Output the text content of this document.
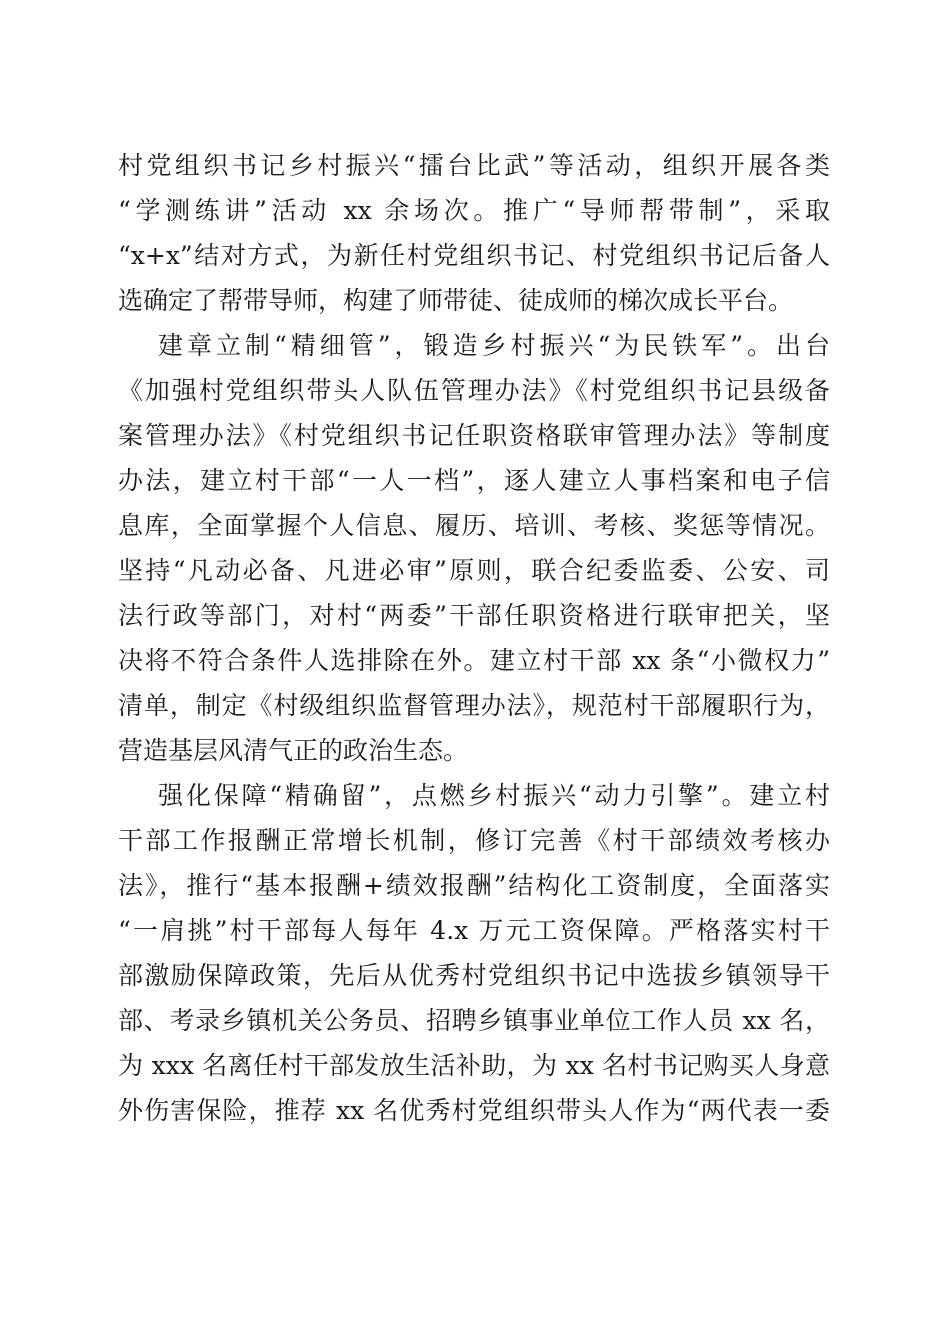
村党组织书记乡村振兴“擂台比武”等活动，组织开展各类
“学测练讲”活动 xx 余场次。推广“导师帮带制”，采取
“x+x”结对方式，为新任村党组织书记、村党组织书记后备人
选确定了帮带导师，构建了师带徒、徒成师的梯次成长平台。
建章立制“精细管”，锻造乡村振兴“为民铁军”。出台
《加强村党组织带头人队伍管理办法》《村党组织书记县级备
案管理办法》《村党组织书记任职资格联审管理办法》等制度
办法，建立村干部“一人一档”，逐人建立人事档案和电子信
息库，全面掌握个人信息、履历、培训、考核、奖惩等情况。
坚持“凡动必备、凡进必审”原则，联合纪委监委、公安、司
法行政等部门，对村“两委”干部任职资格进行联审把关，坚
决将不符合条件人选排除在外。建立村干部 xx 条“小微权力”
清单，制定《村级组织监督管理办法》，规范村干部履职行为，
营造基层风清气正的政治生态。
强化保障“精确留”，点燃乡村振兴“动力引擎”。建立村
干部工作报酬正常增长机制，修订完善《村干部绩效考核办
法》，推行“基本报酬+绩效报酬”结构化工资制度，全面落实
“一肩挑”村干部每人每年 4.x 万元工资保障。严格落实村干
部激励保障政策，先后从优秀村党组织书记中选拔乡镇领导干
部、考录乡镇机关公务员、招聘乡镇事业单位工作人员 xx 名，
为 xxx 名离任村干部发放生活补助，为 xx 名村书记购买人身意
外伤害保险，推荐 xx 名优秀村党组织带头人作为“两代表一委
